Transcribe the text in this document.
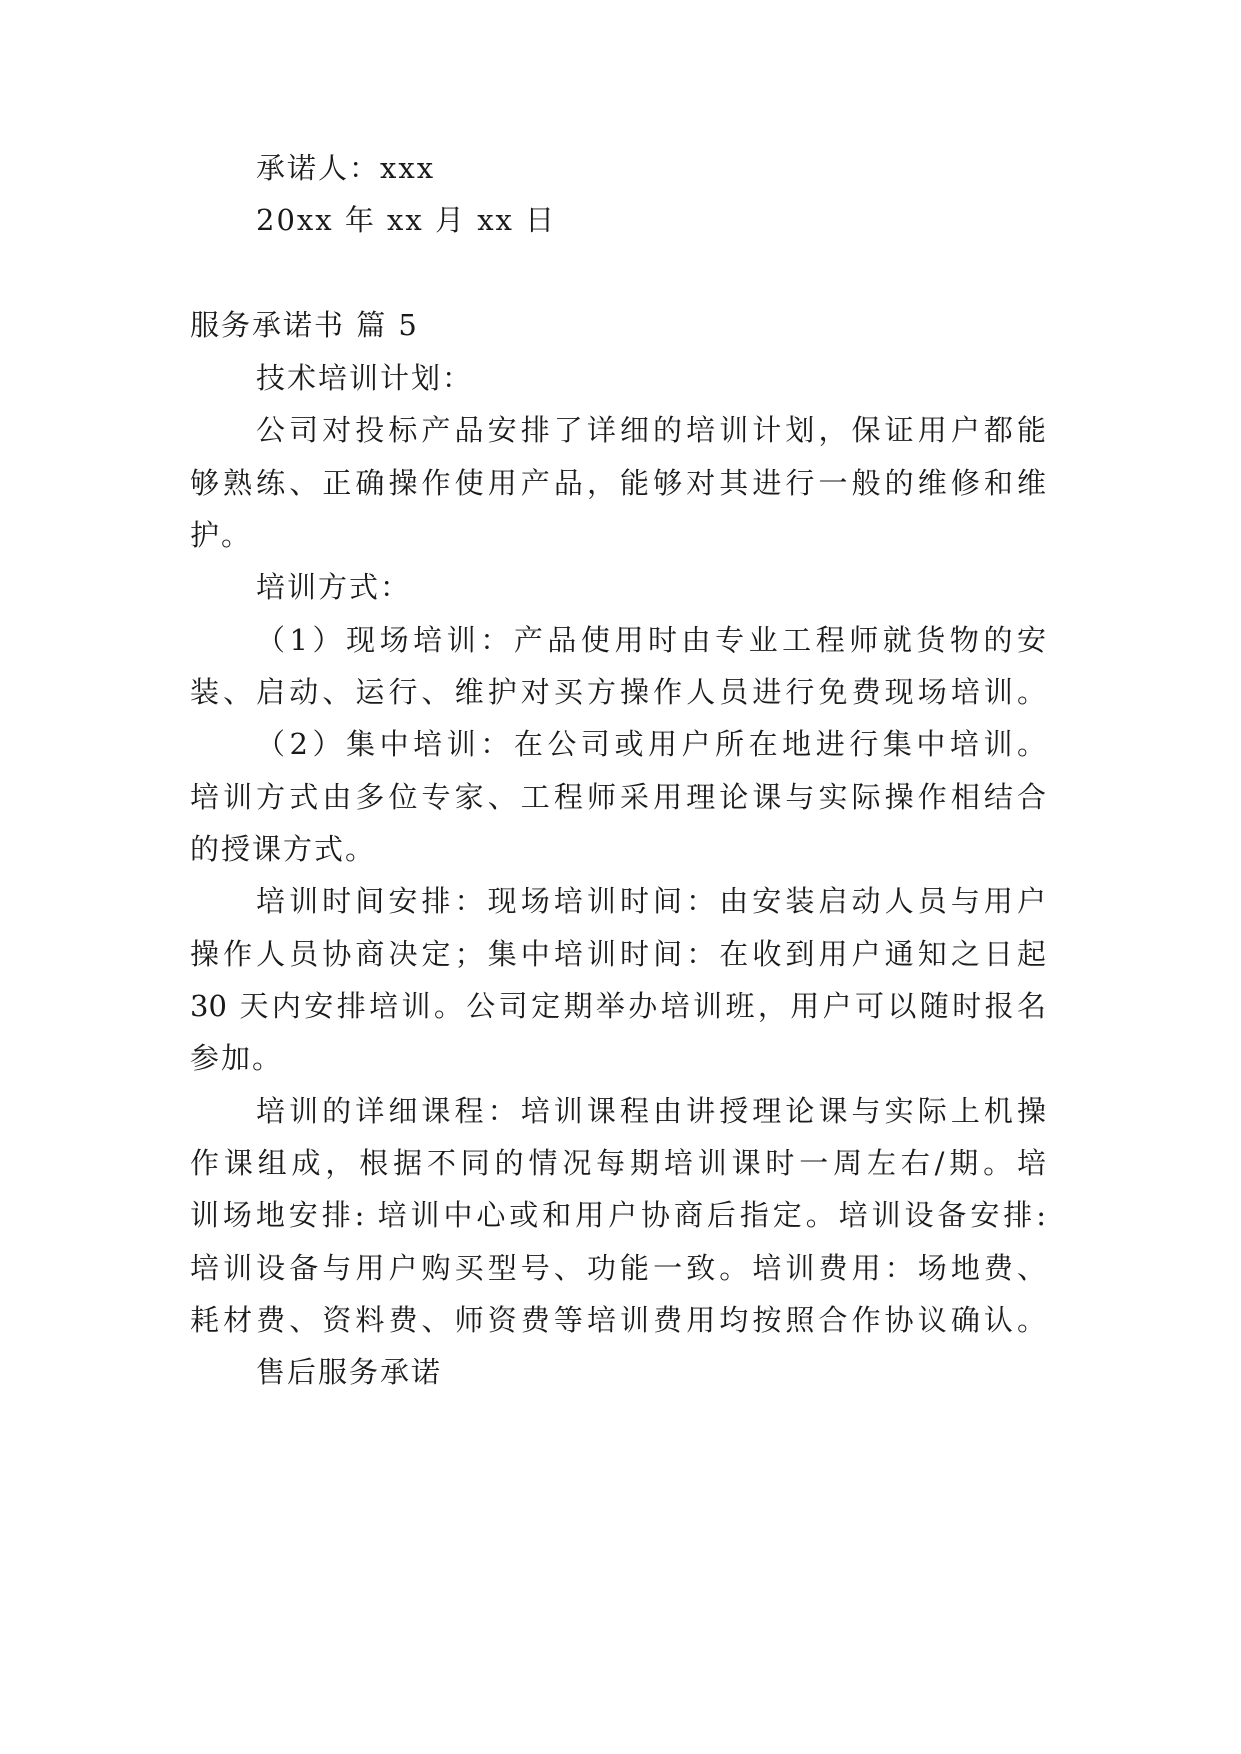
承诺人：xxx
20xx 年 xx 月 xx 日
服务承诺书 篇 5
技术培训计划：
公司对投标产品安排了详细的培训计划，保证用户都能
够熟练、正确操作使用产品，能够对其进行一般的维修和维
护。
培训方式：
（1）现场培训：产品使用时由专业工程师就货物的安
装、启动、运行、维护对买方操作人员进行免费现场培训。
（2）集中培训：在公司或用户所在地进行集中培训。
培训方式由多位专家、工程师采用理论课与实际操作相结合
的授课方式。
培训时间安排：现场培训时间：由安装启动人员与用户
操作人员协商决定；集中培训时间：在收到用户通知之日起
30 天内安排培训。公司定期举办培训班，用户可以随时报名
参加。
培训的详细课程：培训课程由讲授理论课与实际上机操
作课组成，根据不同的情况每期培训课时一周左右/期。培
训场地安排: 培训中心或和用户协商后指定。培训设备安排:
培训设备与用户购买型号、功能一致。培训费用：场地费、
耗材费、资料费、师资费等培训费用均按照合作协议确认。
售后服务承诺
